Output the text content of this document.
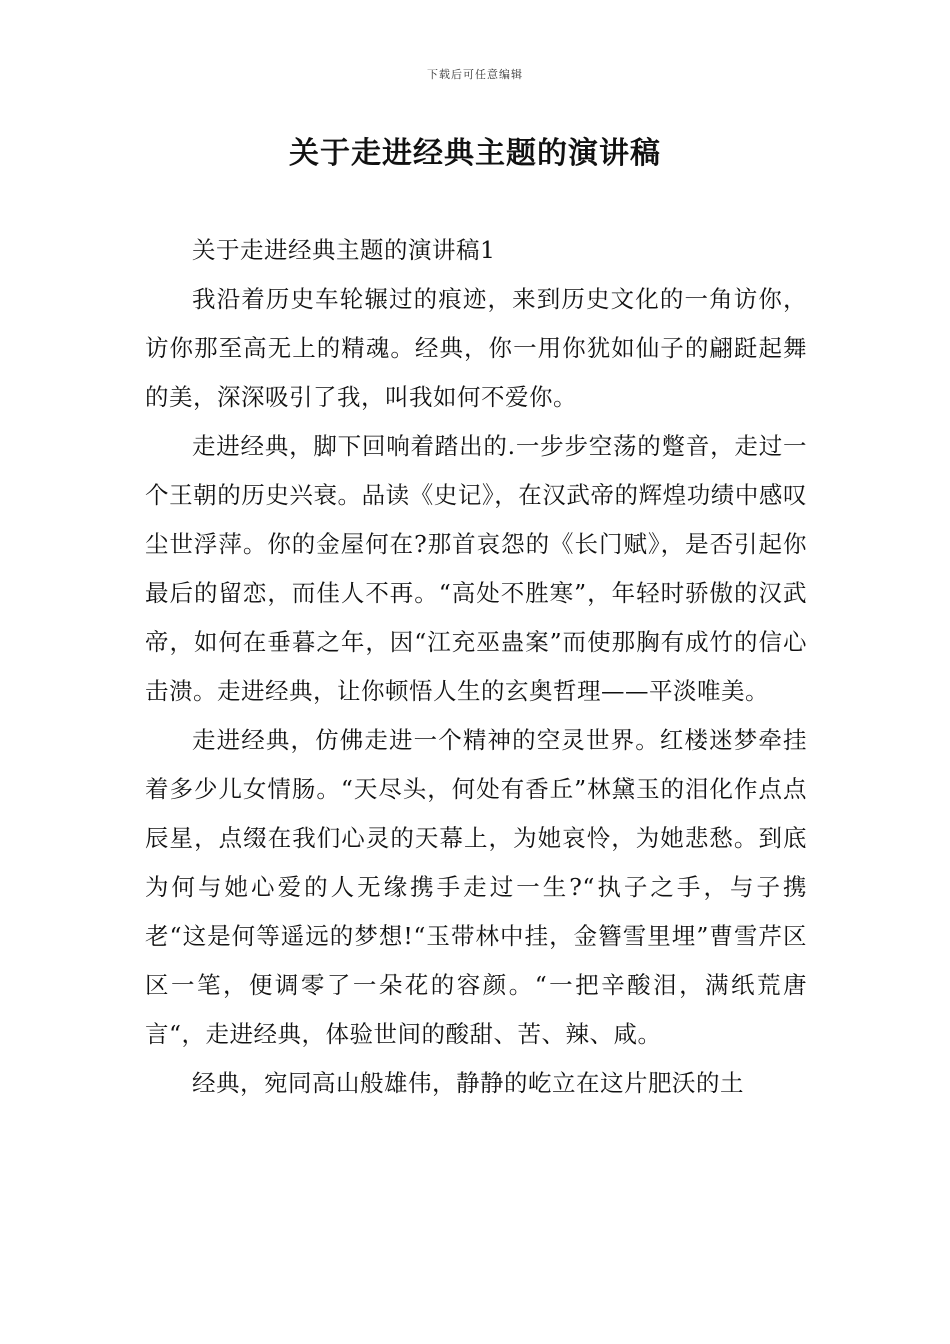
下载后可任意编辑
关于走进经典主题的演讲稿

关于走进经典主题的演讲稿1

我沿着历史车轮辗过的痕迹，来到历史文化的一角访你，访你那至高无上的精魂。经典，你一用你犹如仙子的翩跹起舞的美，深深吸引了我，叫我如何不爱你。

走进经典，脚下回响着踏出的.一步步空荡的蹩音，走过一个王朝的历史兴衰。品读《史记》，在汉武帝的辉煌功绩中感叹尘世浮萍。你的金屋何在?那首哀怨的《长门赋》，是否引起你最后的留恋，而佳人不再。“高处不胜寒”，年轻时骄傲的汉武帝，如何在垂暮之年，因“江充巫蛊案”而使那胸有成竹的信心击溃。走进经典，让你顿悟人生的玄奥哲理——平淡唯美。

走进经典，仿佛走进一个精神的空灵世界。红楼迷梦牵挂着多少儿女情肠。“天尽头，何处有香丘”林黛玉的泪化作点点辰星，点缀在我们心灵的天幕上，为她哀怜，为她悲愁。到底为何与她心爱的人无缘携手走过一生?“执子之手，与子携老“这是何等遥远的梦想!“玉带林中挂，金簪雪里埋”曹雪芹区区一笔，便调零了一朵花的容颜。“一把辛酸泪，满纸荒唐言“，走进经典，体验世间的酸甜、苦、辣、咸。

经典，宛同高山般雄伟，静静的屹立在这片肥沃的土
